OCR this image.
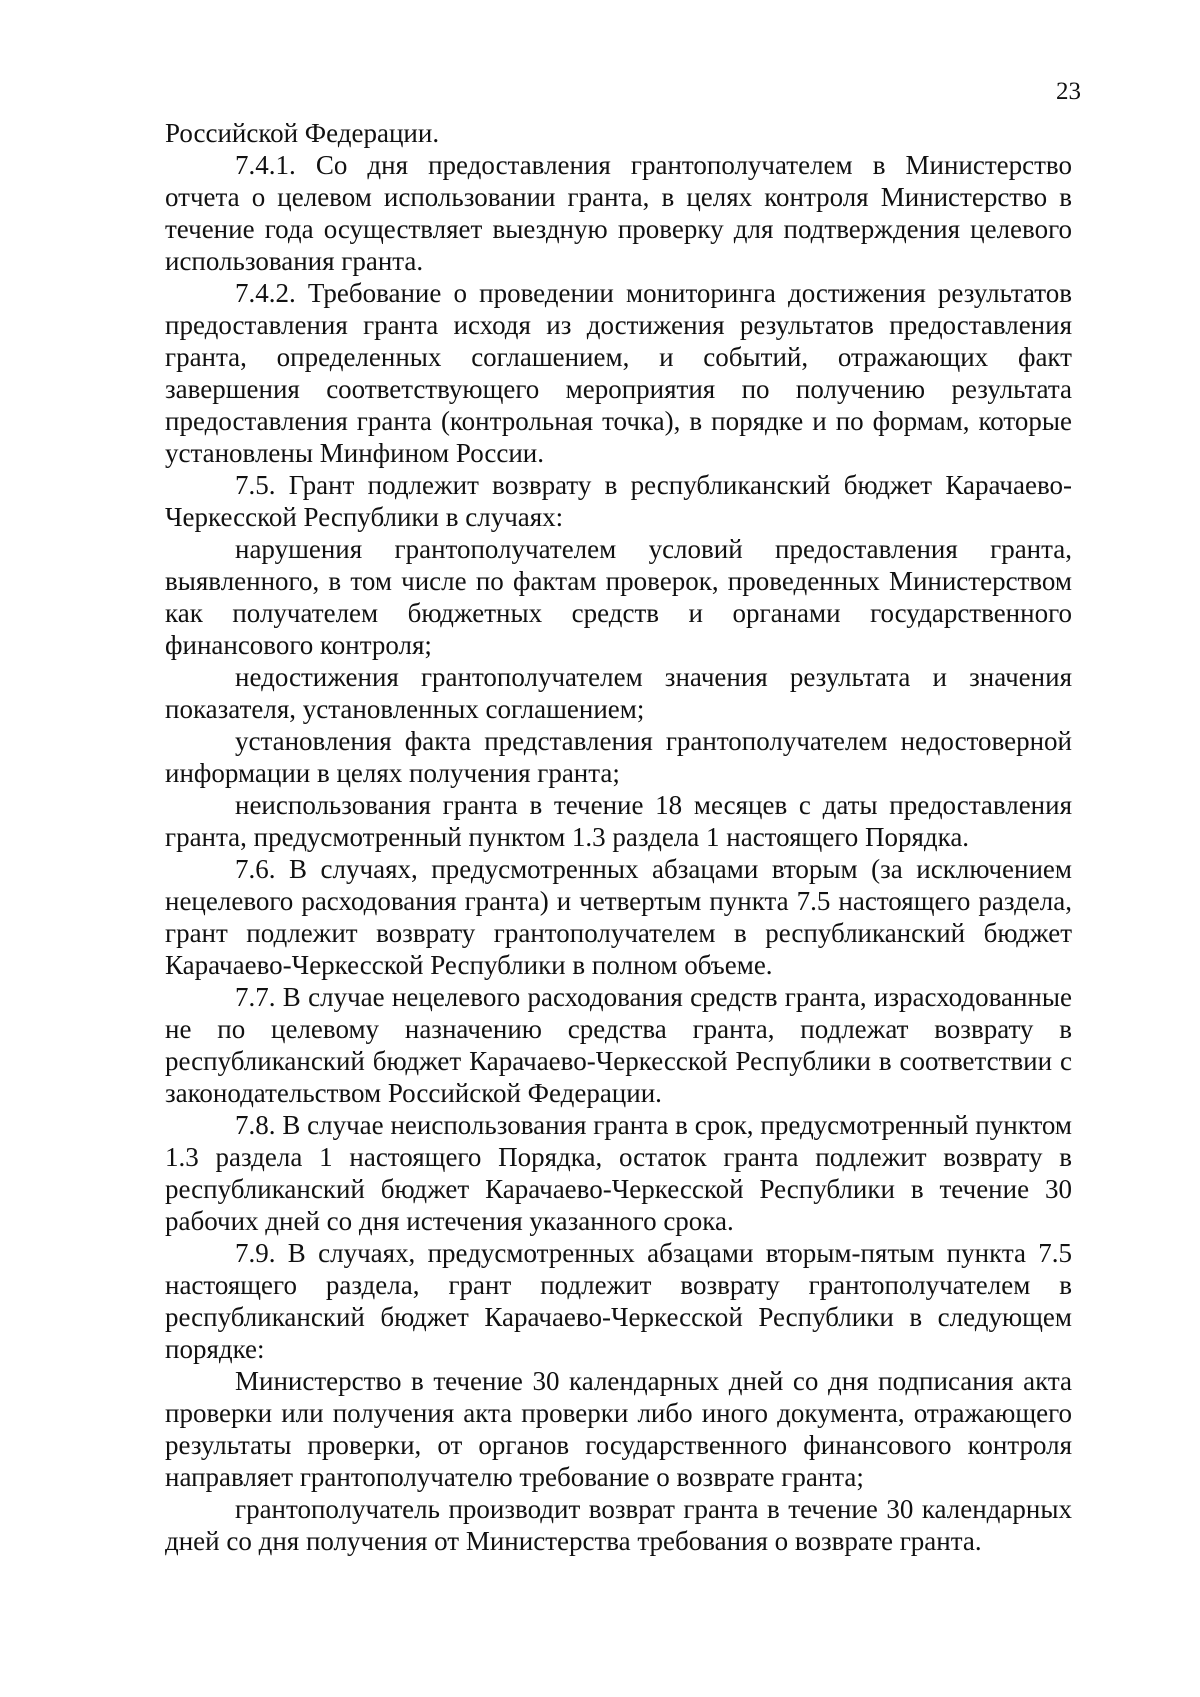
23

Российской Федерации.

7.4.1. Со дня предоставления грантополучателем в Министерство отчета о целевом использовании гранта, в целях контроля Министерство в течение года осуществляет выездную проверку для подтверждения целевого использования гранта.

7.4.2. Требование о проведении мониторинга достижения результатов предоставления гранта исходя из достижения результатов предоставления гранта, определенных соглашением, и событий, отражающих факт завершения соответствующего мероприятия по получению результата предоставления гранта (контрольная точка), в порядке и по формам, которые установлены Минфином России.

7.5. Грант подлежит возврату в республиканский бюджет Карачаево-Черкесской Республики в случаях:

нарушения грантополучателем условий предоставления гранта, выявленного, в том числе по фактам проверок, проведенных Министерством как получателем бюджетных средств и органами государственного финансового контроля;

недостижения грантополучателем значения результата и значения показателя, установленных соглашением;

установления факта представления грантополучателем недостоверной информации в целях получения гранта;

неиспользования гранта в течение 18 месяцев с даты предоставления гранта, предусмотренный пунктом 1.3 раздела 1 настоящего Порядка.

7.6. В случаях, предусмотренных абзацами вторым (за исключением нецелевого расходования гранта) и четвертым пункта 7.5 настоящего раздела, грант подлежит возврату грантополучателем в республиканский бюджет Карачаево-Черкесской Республики в полном объеме.

7.7. В случае нецелевого расходования средств гранта, израсходованные не по целевому назначению средства гранта, подлежат возврату в республиканский бюджет Карачаево-Черкесской Республики в соответствии с законодательством Российской Федерации.

7.8. В случае неиспользования гранта в срок, предусмотренный пунктом 1.3 раздела 1 настоящего Порядка, остаток гранта подлежит возврату в республиканский бюджет Карачаево-Черкесской Республики в течение 30 рабочих дней со дня истечения указанного срока.

7.9. В случаях, предусмотренных абзацами вторым-пятым пункта 7.5 настоящего раздела, грант подлежит возврату грантополучателем в республиканский бюджет Карачаево-Черкесской Республики в следующем порядке:

Министерство в течение 30 календарных дней со дня подписания акта проверки или получения акта проверки либо иного документа, отражающего результаты проверки, от органов государственного финансового контроля направляет грантополучателю требование о возврате гранта;

грантополучатель производит возврат гранта в течение 30 календарных дней со дня получения от Министерства требования о возврате гранта.
